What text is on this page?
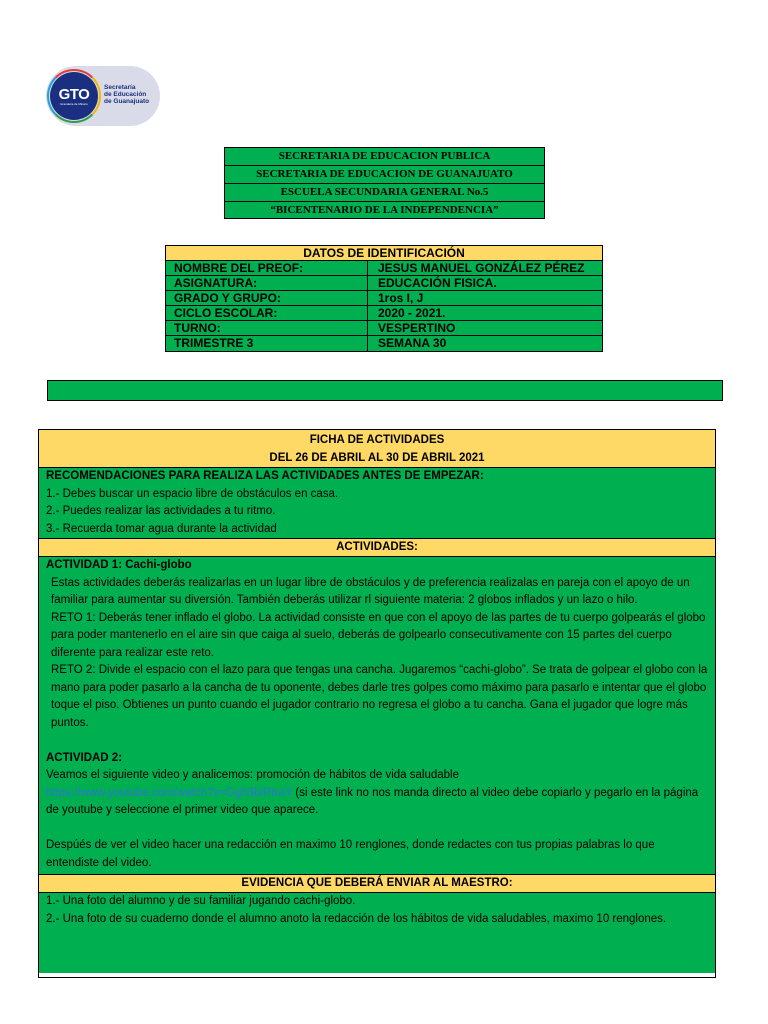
GTO
Grandeza de México
Secretaría
de Educación
de Guanajuato
SECRETARIA DE EDUCACION PUBLICA
SECRETARIA DE EDUCACION DE GUANAJUATO
ESCUELA SECUNDARIA GENERAL No.5
“BICENTENARIO DE LA INDEPENDENCIA”
DATOS DE IDENTIFICACIÓN
NOMBRE DEL PREOF:	JESUS MANUEL GONZÁLEZ PÉREZ
ASIGNATURA:	EDUCACIÓN FISICA.
GRADO Y GRUPO:	1ros I, J
CICLO ESCOLAR:	2020 - 2021.
TURNO:	VESPERTINO
TRIMESTRE 3	SEMANA 30
FICHA DE ACTIVIDADES
DEL 26 DE ABRIL AL 30 DE ABRIL 2021
RECOMENDACIONES PARA REALIZA LAS ACTIVIDADES ANTES DE EMPEZAR:
1.- Debes buscar un espacio libre de obstáculos en casa.
2.- Puedes realizar las actividades a tu ritmo.
3.- Recuerda tomar agua durante la actividad
ACTIVIDADES:
ACTIVIDAD 1: Cachi-globo
Estas actividades deberás realizarlas en un lugar libre de obstáculos y de preferencia realizalas en pareja con el apoyo de un familiar para aumentar su diversión. También deberás utilizar rl siguiente materia: 2 globos inflados y un lazo o hilo.
RETO 1: Deberás tener inflado el globo. La actividad consiste en que con el apoyo de las partes de tu cuerpo golpearás el globo para poder mantenerlo en el aire sin que caiga al suelo, deberás de golpearlo consecutivamente con 15 partes del cuerpo diferente para realizar este reto.
RETO 2: Divide el espacio con el lazo para que tengas una cancha. Jugaremos “cachi-globo”. Se trata de golpear el globo con la mano para poder pasarlo a la cancha de tu oponente, debes darle tres golpes como máximo para pasarlo e intentar que el globo toque el piso. Obtienes un punto cuando el jugador contrario no regresa el globo a tu cancha. Gana el jugador que logre más puntos.
ACTIVIDAD 2:
Veamos el siguiente video y analicemos: promoción de hábitos de vida saludable
https://www.youtube.com/watch?v=Ggh3biRtraY (si este link no nos manda directo al video debe copiarlo y pegarlo en la página de youtube y seleccione el primer video que aparece.
Despúés de ver el video hacer una redacción en maximo 10 renglones, donde redactes con tus propias palabras lo que entendiste del video.
EVIDENCIA QUE DEBERÁ ENVIAR AL MAESTRO:
1.- Una foto del alumno y de su familiar jugando cachi-globo.
2.- Una foto de su cuaderno donde el alumno anoto la redacción de los hábitos de vida saludables, maximo 10 renglones.
